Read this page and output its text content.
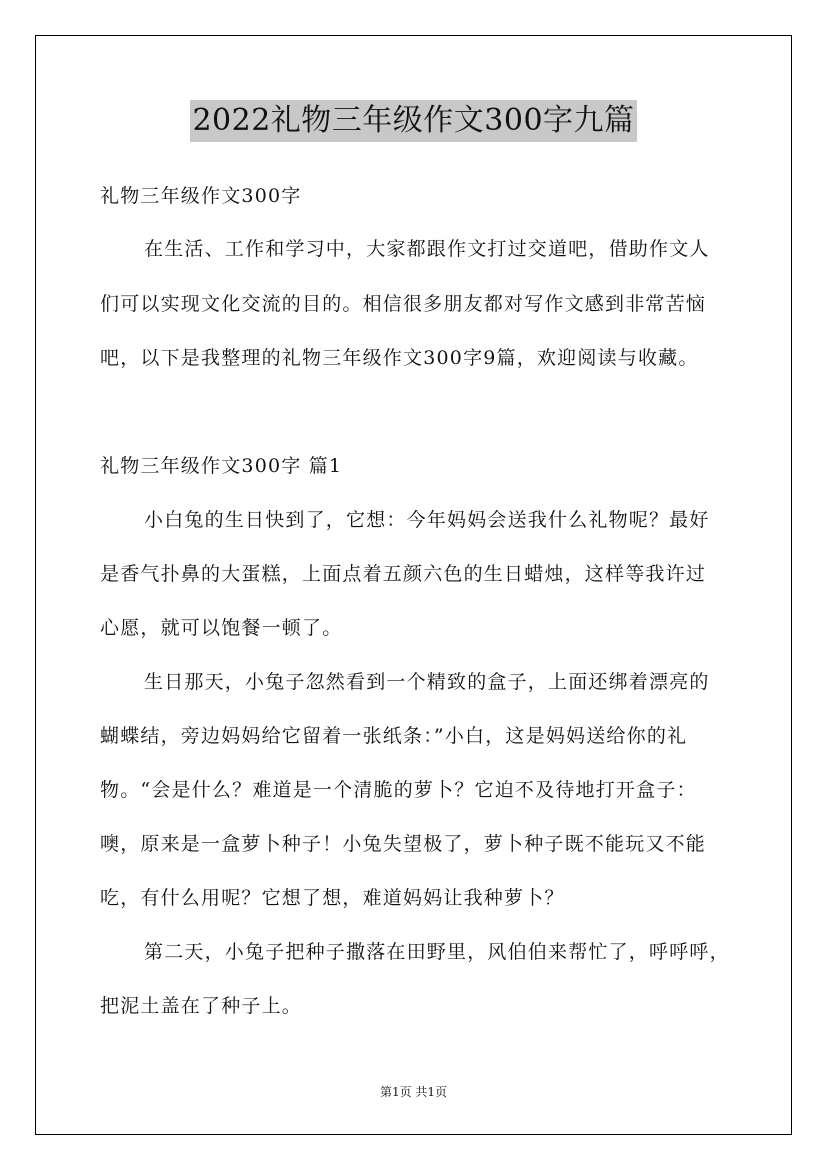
2022礼物三年级作文300字九篇
礼物三年级作文300字
在生活、工作和学习中，大家都跟作文打过交道吧，借助作文人
们可以实现文化交流的目的。相信很多朋友都对写作文感到非常苦恼
吧，以下是我整理的礼物三年级作文300字9篇，欢迎阅读与收藏。
礼物三年级作文300字 篇1
小白兔的生日快到了，它想：今年妈妈会送我什么礼物呢？最好
是香气扑鼻的大蛋糕，上面点着五颜六色的生日蜡烛，这样等我许过
心愿，就可以饱餐一顿了。
生日那天，小兔子忽然看到一个精致的盒子，上面还绑着漂亮的
蝴蝶结，旁边妈妈给它留着一张纸条：”小白，这是妈妈送给你的礼
物。“会是什么？难道是一个清脆的萝卜？它迫不及待地打开盒子：
噢，原来是一盒萝卜种子！小兔失望极了，萝卜种子既不能玩又不能
吃，有什么用呢？它想了想，难道妈妈让我种萝卜？
第二天，小兔子把种子撒落在田野里，风伯伯来帮忙了，呼呼呼，
把泥土盖在了种子上。
第1页 共1页
